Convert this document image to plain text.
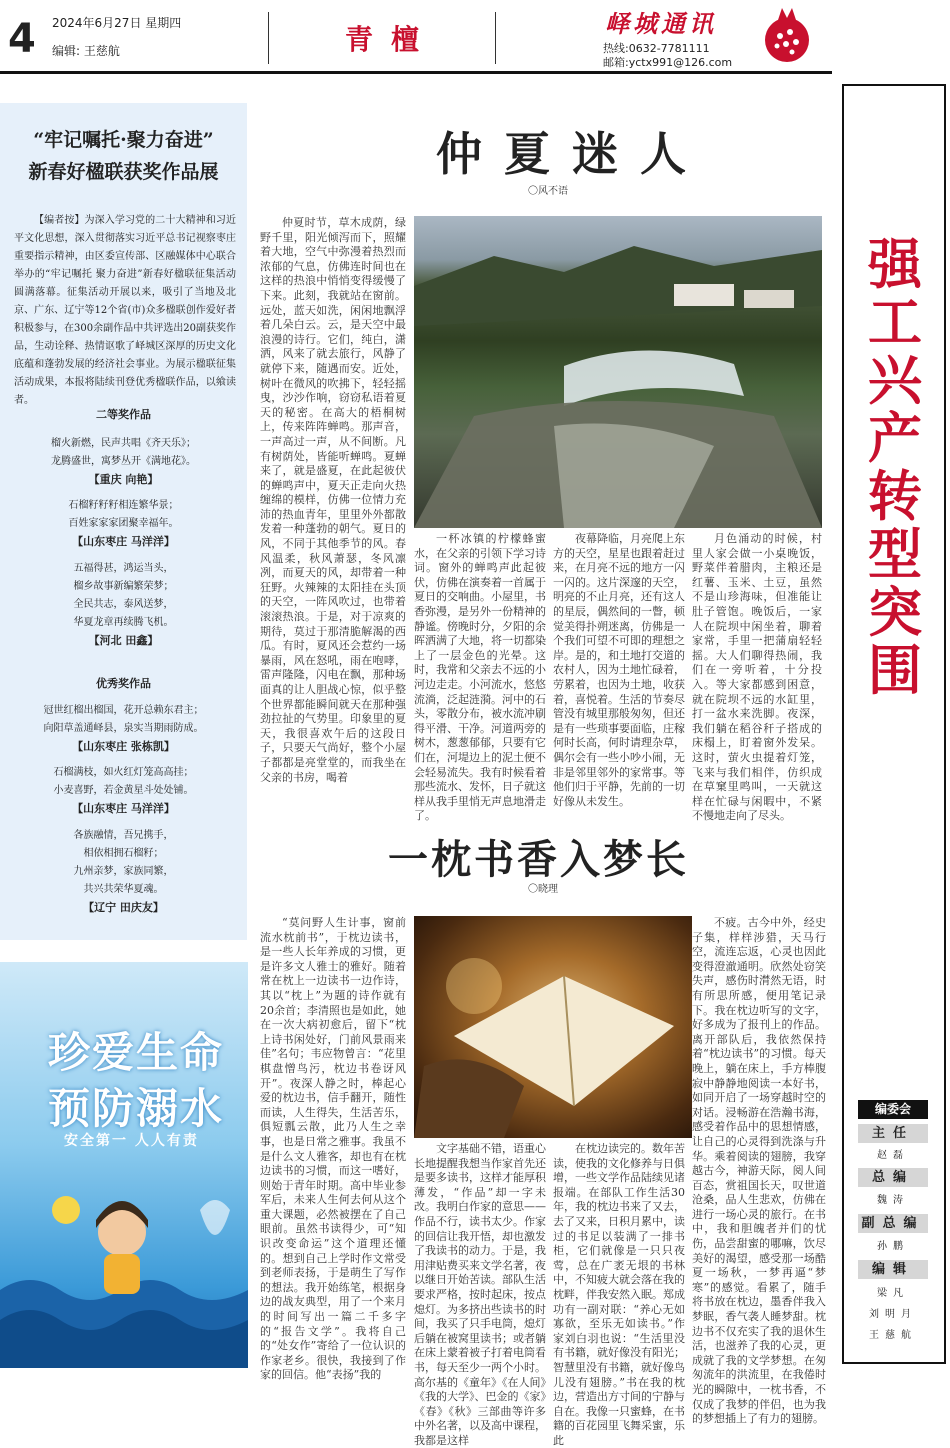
4 2024年6月27日 星期四
编辑: 王慈航	青檀	峄城通讯
热线:0632-7781111
邮箱:yctx991@126.com
“牢记嘱托·聚力奋进”
新春好楹联获奖作品展
【编者按】为深入学习党的二十大精神和习近平文化思想，深入贯彻落实习近平总书记视察枣庄重要指示精神，由区委宣传部、区融媒体中心联合举办的“牢记嘱托 聚力奋进”新春好楹联征集活动圆满落幕。征集活动开展以来，吸引了当地及北京、广东、辽宁等12个省(市)众多楹联创作爱好者积极参与，在300余副作品中共评选出20副获奖作品，生动诠释、热情讴歌了峄城区深厚的历史文化底蕴和蓬勃发展的经济社会事业。为展示楹联征集活动成果，本报将陆续刊登优秀楹联作品，以飨读者。
二等奖作品
榴火新燃，民声共唱《齐天乐》；
龙腾盛世，寓梦丛开《满地花》。
【重庆 向艳】
石榴籽籽籽相连繁华景；
百姓家家家团聚幸福年。
【山东枣庄 马洋洋】
五福得甚，鸿运当头，
榴乡故事新编繁荣梦；
全民共志，泰风送梦，
华夏龙章再续腾飞机。
【河北 田鑫】
优秀奖作品
冠世红榴出榴国，花开总赖东君主；
向阳草盖通峄县，泉实当期雨防成。
【山东枣庄 张栋凯】
石榴满枝，如火红灯笼高高挂；
小麦喜野，若金黄星斗处处铺。
【山东枣庄 马洋洋】
各族融情，吾兄携手，
相依相拥石榴籽；
九州亲梦，家族同繁，
共兴共荣华夏魂。
【辽宁 田庆友】
珍爱生命
预防溺水
安全第一 人人有责
仲夏迷人
〇风不语
仲夏时节，草木成荫，绿野千里，阳光倾泻而下，照耀着大地，空气中弥漫着热烈而浓郁的气息，仿佛连时间也在这样的热浪中悄悄变得缓慢了下来。此刻，我就站在窗前。远处，蓝天如洗，闲闲地飘浮着几朵白云。云，是天空中最浪漫的诗行。它们，纯白，潇洒，风来了就去旅行，风静了就停下来，随遇而安。近处，树叶在微风的吹拂下，轻轻摇曳，沙沙作响，窃窃私语着夏天的秘密。在高大的梧桐树上，传来阵阵蝉鸣。那声音，一声高过一声，从不间断。凡有树荫处，皆能听蝉鸣。夏蝉来了，就是盛夏，在此起彼伏的蝉鸣声中，夏天正走向火热缠绵的模样，仿佛一位情力充沛的热血青年，里里外外都散发着一种蓬勃的朝气。夏日的风，不同于其他季节的风。春风温柔，秋风萧瑟，冬风凛冽，而夏天的风，却带着一种狂野。火辣辣的太阳挂在头顶的天空，一阵风吹过，也带着滚滚热浪。于是，对于凉爽的期待，莫过于那清脆解渴的西瓜。有时，夏风还会惹约一场暴雨，风在怒吼，雨在咆哮，雷声隆隆，闪电在飘，那种场面真的让人胆战心惊，似乎整个世界都能瞬间就天在那种强劲拉扯的气势里。印象里的夏天，我很喜欢午后的这段日子，只要天气尚好，整个小屋子都都是亮堂堂的，而我坐在父亲的书房，喝着
一杯冰镇的柠檬蜂蜜水，在父亲的引领下学习诗词。窗外的蝉鸣声此起彼伏，仿佛在演奏着一首属于夏日的交响曲。小屋里，书香弥漫，是另外一份精神的静谧。傍晚时分，夕阳的余晖洒满了大地，将一切都染上了一层金色的光晕。这时，我常和父亲去不远的小河边走走。小河流水，悠悠流淌，泛起涟漪。河中的石头，零散分布，被水流冲刷得平滑、干净。河道两旁的树木，葱葱郁郁，只要有它们在，河堤边上的泥土便不会轻易流失。我有时候看着那些流水、发怀，日子就这样从我手里悄无声息地滑走了。
夜幕降临，月亮爬上东方的天空，星星也跟着赶过来，在月亮不远的地方一闪一闪的。这片深邃的天空，明亮的不止月亮，还有这人的星辰，偶然间的一瞥，顿觉美得扑朔迷离，仿佛是一个我们可望不可即的理想之岸。是的，和土地打交道的农村人，因为土地忙碌着，劳累着，也因为土地，收获着，喜悦着。生活的节奏尽管没有城里那般匆匆，但还是有一些琐事要面临，庄稼何时长高，何时请理杂草，偶尔会有一些小吵小闹，无非是邻里邻外的家常事。等他们归于平静，先前的一切好像从未发生。
月色涌动的时候，村里人家会做一小桌晚饭，野菜伴着腊肉，主粮还是红薯、玉米、土豆，虽然不是山珍海味，但准能让肚子管饱。晚饭后，一家人在院坝中闲坐着，聊着家常，手里一把蒲扇轻轻摇。大人们聊得热闹，我们在一旁听着，十分投入。等大家都感到困意，就在院坝不远的水缸里，打一盆水来洗脚。夜深，我们躺在稻谷秆子搭成的床榻上，盯着窗外发呆。这时，萤火虫提着灯笼，飞来与我们相伴，仿织成在草窠里鸣叫，一天就这样在忙碌与闲暇中，不紧不慢地走向了尽头。
一枕书香入梦长
〇晓理
“莫问野人生计事，窗前流水枕前书”，于枕边读书，是一些人长年养成的习惯，更是许多文人雅士的雅好。随着常在枕上一边读书一边作诗，其以“枕上”为题的诗作就有20余首；李清照也是如此，她在一次大病初愈后，留下“枕上诗书闲处好，门前风景雨来佳”名句；韦应物曾言：“花里棋盘憎鸟污，枕边书卷讶风开”。夜深人静之时，棒起心爱的枕边书，信手翻开，随性而读，人生得失，生活苦乐，俱短瓢云散，此乃人生之幸事，也是日常之雅事。我虽不是什么文人雅客，却也有在枕边读书的习惯，而这一嗜好，则始于青年时期。高中毕业参军后，未来人生何去何从这个重大课题，必然被摆在了自己眼前。虽然书读得少，可“知识改变命运”这个道理还懂的。想到自己上学时作文常受到老师表扬，于是萌生了写作的想法。我开始练笔，根据身边的战友典型，用了一个来月的时间写出一篇二千多字的“报告文学”。我将自己的“处女作”寄给了一位认识的作家老乡。很快，我接到了作家的回信。他“表扬”我的
文字基础不错，语重心长地提醒我想当作家首先还是要多读书，这样才能厚积薄发，“作品”却一字未改。我明白作家的意思——作品不行，读书太少。作家的回信让我开悟，却也激发了我读书的动力。于是，我用津贴费买来文学名著，夜以继日开始苦读。部队生活要求严格，按时起床，按点熄灯。为多挤出些读书的时间，我买了只手电筒，熄灯后躺在被窝里读书；或者躺在床上蒙着被子打着电筒看书，每天至少一两个小时。高尔基的《童年》《在人间》《我的大学》、巴金的《家》《春》《秋》三部曲等许多中外名著，以及高中课程，我都是这样
在枕边读完的。数年苦读，使我的文化修养与日俱增，一些文学作品陆续见诸报端。在部队工作生活30年，我的枕边书来了又去，去了又来，日积月累中，读过的书足以装满了一排书柜，它们就像是一只只夜莺，总在广袤无垠的书林中，不知疲大就会落在我的枕畔，伴我安然入眠。郑成功有一副对联：“养心无如寡欲，至乐无如读书。”作家刘白羽也说：“生活里没有书籍，就好像没有阳光；智慧里没有书籍，就好像鸟儿没有翅膀。”书在我的枕边，营造出方寸间的宁静与自在。我像一只蜜蜂，在书籍的百花园里飞舞采蜜，乐此
不疲。古今中外，经史子集，样样涉猎，天马行空，流连忘返，心灵也因此变得澄澈通明。欣然处窃笑失声，感伤时潸然无语，时有所思所感，便用笔记录下。我在枕边听写的文字，好多成为了报刊上的作品。离开部队后，我依然保持着“枕边读书”的习惯。每天晚上，躺在床上，手方棒腹寂中静静地阅读一本好书，如同开启了一场穿越时空的对话。浸畅游在浩瀚书海，感受着作品中的思想情感，让自己的心灵得到洗涤与升华。乘着阅读的翅膀，我穿越古今，神游天际，阅人间百态，赏祖国长天，叹世道沧桑，品人生悲欢，仿佛在进行一场心灵的旅行。在书中，我和胆魄者并们的忧伤，品尝甜蜜的哪嘛，饮尽美好的渴望，感受那一场酷夏一场秋，一梦再逼“梦寒”的感觉。看累了，随手将书放在枕边，墨香伴我入梦眠，香气袭人睡梦甜。枕边书不仅充实了我的退休生活，也滋养了我的心灵，更成就了我的文学梦想。在匆匆流年的洪流里，在我倦时光的瞬隙中，一枕书香，不仅成了我梦的伴侣，也为我的梦想插上了有力的翅膀。
强工兴产转型突围
编委会
主任
赵磊
总编
魏涛
副总编
孙鹏
编辑
梁凡
刘明月
王慈航
